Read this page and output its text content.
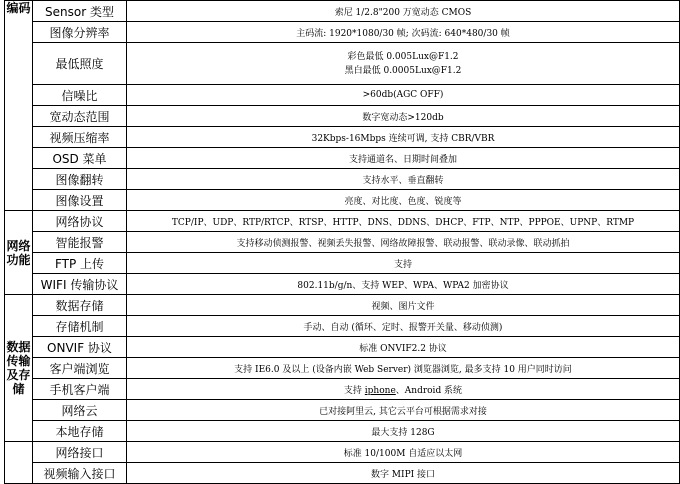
编码	Sensor 类型	索尼 1/2.8"200 万宽动态 CMOS
	图像分辨率	主码流: 1920*1080/30 帧; 次码流: 640*480/30 帧
	最低照度	彩色最低 0.005Lux@F1.2
黑白最低 0.0005Lux@F1.2

	信噪比	>60db(AGC OFF)
	宽动态范围	数字宽动态>120db
	视频压缩率	32Kbps-16Mbps 连续可调, 支持 CBR/VBR
	OSD 菜单	支持通道名、日期时间叠加
	图像翻转	支持水平、垂直翻转
	图像设置	亮度、对比度、色度、锐度等

网络
功能	网络协议	TCP/IP、UDP、RTP/RTCP、RTSP、HTTP、DNS、DDNS、DHCP、FTP、NTP、PPPOE、UPNP、RTMP
	智能报警	支持移动侦测报警、视频丢失报警、网络故障报警、联动报警、联动录像、联动抓拍
	FTP 上传	支持
	WIFI 传输协议	802.11b/g/n、支持 WEP、WPA、WPA2 加密协议

数据
传输
及存
储	数据存储	视频、图片文件
	存储机制	手动、自动 (循环、定时、报警开关量、移动侦测)
	ONVIF 协议	标准 ONVIF2.2 协议
	客户端浏览	支持 IE6.0 及以上 (设备内嵌 Web Server) 浏览器浏览, 最多支持 10 用户同时访问
	手机客户端	支持 iphone、Android 系统
	网络云	已对接阿里云, 其它云平台可根据需求对接
	本地存储	最大支持 128G
	网络接口	标准 10/100M 自适应以太网
	视频输入接口	数字 MIPI 接口
